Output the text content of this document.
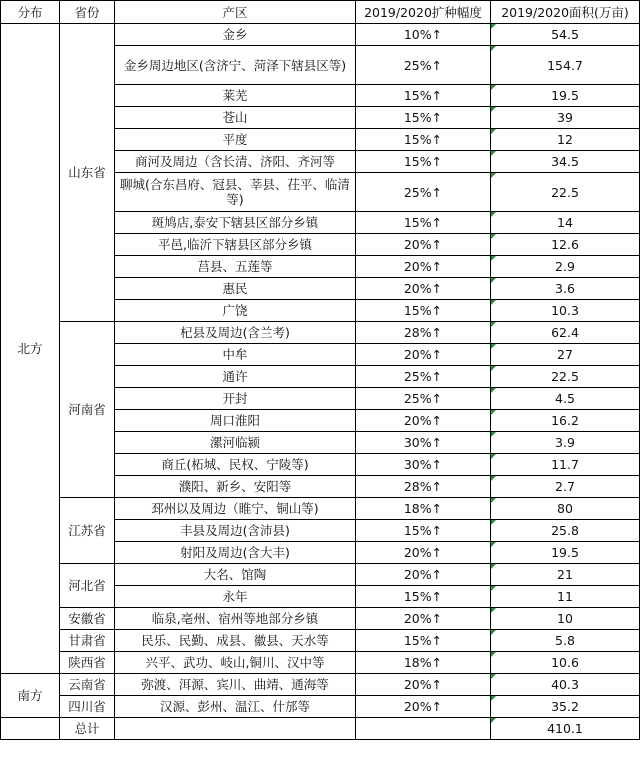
分布	省份	产区	2019/2020扩种幅度	2019/2020面积(万亩)
北方	山东省	金乡	10%↑	54.5
		金乡周边地区(含济宁、菏泽下辖县区等)	25%↑	154.7
		莱芜	15%↑	19.5
		苍山	15%↑	39
		平度	15%↑	12
		商河及周边（含长清、济阳、齐河等	15%↑	34.5
		聊城(合东昌府、冠县、莘县、茌平、临清等)	25%↑	22.5
		斑鸠店,泰安下辖县区部分乡镇	15%↑	14
		平邑,临沂下辖县区部分乡镇	20%↑	12.6
		莒县、五莲等	20%↑	2.9
		惠民	20%↑	3.6
		广饶	15%↑	10.3
	河南省	杞县及周边(含兰考)	28%↑	62.4
		中牟	20%↑	27
		通许	25%↑	22.5
		开封	25%↑	4.5
		周口淮阳	20%↑	16.2
		漯河临颍	30%↑	3.9
		商丘(柘城、民权、宁陵等)	30%↑	11.7
		濮阳、新乡、安阳等	28%↑	2.7
	江苏省	邳州以及周边（睢宁、铜山等)	18%↑	80
		丰县及周边(含沛县)	15%↑	25.8
		射阳及周边(含大丰)	20%↑	19.5
	河北省	大名、馆陶	20%↑	21
		永年	15%↑	11
	安徽省	临泉,亳州、宿州等地部分乡镇	20%↑	10
	甘肃省	民乐、民勤、成县、徽县、天水等	15%↑	5.8
	陕西省	兴平、武功、岐山,铜川、汉中等	18%↑	10.6
南方	云南省	弥渡、洱源、宾川、曲靖、通海等	20%↑	40.3
	四川省	汉源、彭州、温江、什邡等	20%↑	35.2
	总计			410.1
